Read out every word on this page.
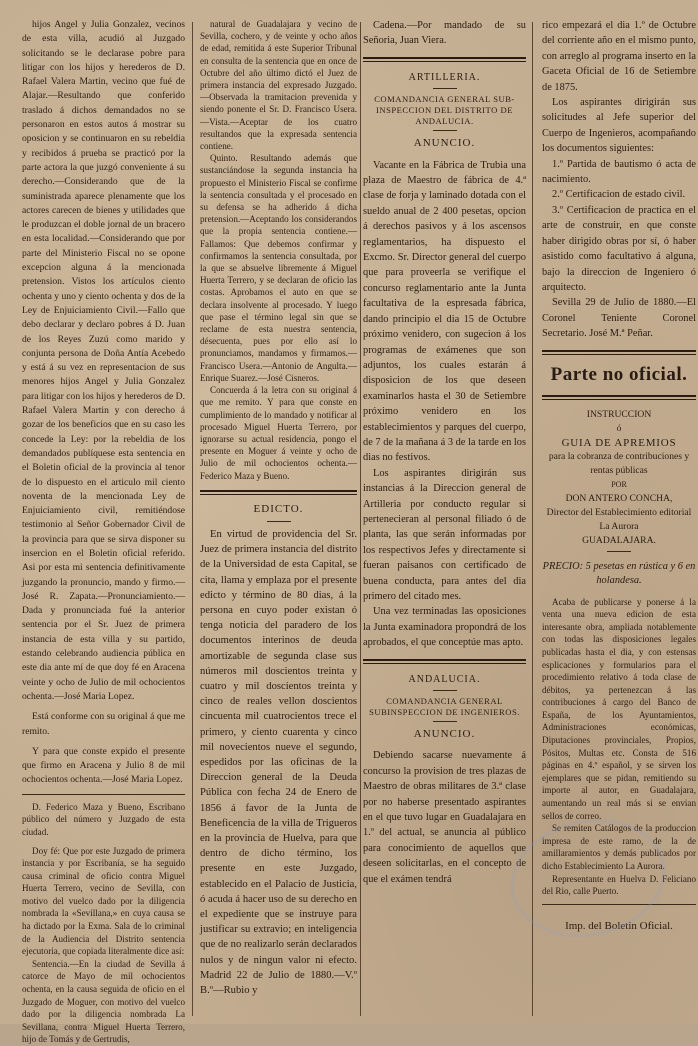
hijos Angel y Julia Gonzalez, vecinos de esta villa, acudió al Juzgado solicitando se le declarase pobre para litigar con los hijos y herederos de D. Rafael Valera Martin, vecino que fué de Alajar.—Resultando que conferido traslado á dichos demandados no se personaron en estos autos á mostrar su oposicion y se continuaron en su rebeldia y recibidos á prueba se practicó por la parte actora la que juzgó conveniente á su derecho.—Considerando que de la suministrada aparece plenamente que los actores carecen de bienes y utilidades que le produzcan el doble jornal de un bracero en esta localidad.—Considerando que por parte del Ministerio Fiscal no se opone excepcion alguna á la mencionada pretension. Vistos los artículos ciento ochenta y uno y ciento ochenta y dos de la Ley de Enjuiciamiento Civil.—Fallo que debo declarar y declaro pobres á D. Juan de los Reyes Zuzú como marido y conjunta persona de Doña Antía Acebedo y está á su vez en representacion de sus menores hijos Angel y Julia Gonzalez para litigar con los hijos y herederos de D. Rafael Valera Martin y con derecho á gozar de los beneficios que en su caso les concede la Ley: por la rebeldia de los demandados publíquese esta sentencia en el Boletin oficial de la provincia al tenor de lo dispuesto en el articulo mil ciento noventa de la mencionada Ley de Enjuiciamiento civil, remitiéndose testimonio al Señor Gobernador Civil de la provincia para que se sirva disponer su insercion en el Boletin oficial referido. Asi por esta mi sentencia definitivamente juzgando la pronuncio, mando y firmo.—José R. Zapata.—Pronunciamiento.—Dada y pronunciada fué la anterior sentencia por el Sr. Juez de primera instancia de esta villa y su partido, estando celebrando audiencia pública en este dia ante mí de que doy fé en Aracena veinte y ocho de Julio de mil ochocientos ochenta.—José Maria Lopez.

Está conforme con su original á que me remito.

Y para que conste expido el presente que firmo en Aracena y Julio 8 de mil ochocientos ochenta.—José Maria Lopez.

D. Federico Maza y Bueno, Escribano público del número y Juzgado de esta ciudad.

Doy fé: Que por este Juzgado de primera instancia y por Escribanía, se ha seguido causa criminal de oficio contra Miguel Huerta Terrero, vecino de Sevilla, con motivo del vuelco dado por la diligencia nombrada la «Sevillana,» en cuya causa se ha dictado por la Exma. Sala de lo criminal de la Audiencia del Distrito sentencia ejecutoria, que copiada literalmente dice así:

Sentencia.—En la ciudad de Sevilla á catorce de Mayo de mil ochocientos ochenta, en la causa seguida de oficio en el Juzgado de Moguer, con motivo del vuelco dado por la diligencia nombrada La Sevillana, contra Miguel Huerta Terrero, hijo de Tomás y de Gertrudis,

natural de Guadalajara y vecino de Sevilla, cochero, y de veinte y ocho años de edad, remitida á este Superior Tribunal en consulta de la sentencia que en once de Octubre del año último dictó el Juez de primera instancia del expresado Juzgado.—Observada la tramitacion prevenida y siendo ponente el Sr. D. Francisco Usera.—Vista.—Aceptar de los cuatro resultandos que la expresada sentencia contiene.

Quinto. Resultando además que sustanciándose la segunda instancia ha propuesto el Ministerio Fiscal se confirme la sentencia consultada y el procesado en su defensa se ha adherido á dicha pretension.—Aceptando los considerandos que la propia sentencia contiene.—Fallamos: Que debemos confirmar y confirmamos la sentencia consultada, por la que se absuelve libremente á Miguel Huerta Terrero, y se declaran de oficio las costas. Aprobamos el auto en que se declara insolvente al procesado. Y luego que pase el término legal sin que se reclame de esta nuestra sentencia, désecuenta, pues por ello así lo pronunciamos, mandamos y firmamos.—Francisco Usera.—Antonio de Angulta.—Enrique Suarez.—José Cisneros.

Concuerda á la letra con su original á que me remito. Y para que conste en cumplimiento de lo mandado y notificar al procesado Miguel Huerta Terrero, por ignorarse su actual residencia, pongo el presente en Moguer á veinte y ocho de Julio de mil ochocientos ochenta.—Federico Maza y Bueno.

EDICTO.

En virtud de providencia del Sr. Juez de primera instancia del distrito de la Universidad de esta Capital, se cita, llama y emplaza por el presente edicto y término de 80 dias, á la persona en cuyo poder existan ó tenga noticia del paradero de los documentos interinos de deuda amortizable de segunda clase sus números mil doscientos treinta y cuatro y mil doscientos treinta y cinco de reales vellon doscientos cincuenta mil cuatrocientos trece el primero, y ciento cuarenta y cinco mil novecientos nueve el segundo, espedidos por las oficinas de la Direccion general de la Deuda Pública con fecha 24 de Enero de 1856 á favor de la Junta de Beneficencia de la villa de Trigueros en la provincia de Huelva, para que dentro de dicho término, los presente en este Juzgado, establecido en el Palacio de Justicia, ó acuda á hacer uso de su derecho en el expediente que se instruye para justificar su extravio; en inteligencia que de no realizarlo serán declarados nulos y de ningun valor ni efecto. Madrid 22 de Julio de 1880.—V.º B.º—Rubio y

Cadena.—Por mandado de su Señoria, Juan Viera.

ARTILLERIA.

COMANDANCIA GENERAL SUB-INSPECCION DEL DISTRITO DE ANDALUCIA.

ANUNCIO.

Vacante en la Fábrica de Trubia una plaza de Maestro de fábrica de 4.ª clase de forja y laminado dotada con el sueldo anual de 2 400 pesetas, opcion á derechos pasivos y á los ascensos reglamentarios, ha dispuesto el Excmo. Sr. Director general del cuerpo que para proveerla se verifique el concurso reglamentario ante la Junta facultativa de la espresada fábrica, dando principio el dia 15 de Octubre próximo venidero, con sugecion á los programas de exámenes que son adjuntos, los cuales estarán á disposicion de los que deseen examinarlos hasta el 30 de Setiembre próximo venidero en los establecimientos y parques del cuerpo, de 7 de la mañana á 3 de la tarde en los dias no festivos.

Los aspirantes dirigirán sus instancias á la Direccion general de Artilleria por conducto regular si pertenecieran al personal filiado ó de planta, las que serán informadas por los respectivos Jefes y directamente si fueran paisanos con certificado de buena conducta, para antes del dia primero del citado mes.

Una vez terminadas las oposiciones la Junta examinadora propondrá de los aprobados, el que conceptúe mas apto.

ANDALUCIA.

COMANDANCIA GENERAL SUBINSPECCION DE INGENIEROS.

ANUNCIO.

Debiendo sacarse nuevamente á concurso la provision de tres plazas de Maestro de obras militares de 3.ª clase por no haberse presentado aspirantes en el que tuvo lugar en Guadalajara en 1.º del actual, se anuncia al público para conocimiento de aquellos que deseen solicitarlas, en el concepto de que el exámen tendrá

rico empezará el dia 1.º de Octubre del corriente año en el mismo punto, con arreglo al programa inserto en la Gaceta Oficial de 16 de Setiembre de 1875.

Los aspirantes dirigirán sus solicitudes al Jefe superior del Cuerpo de Ingenieros, acompañando los documentos siguientes:

1.º Partida de bautismo ó acta de nacimiento.

2.º Certificacion de estado civil.

3.º Certificacion de practica en el arte de construir, en que conste haber dirigido obras por sí, ó haber asistido como facultativo á alguna, bajo la direccion de Ingeniero ó arquitecto.

Sevilla 29 de Julio de 1880.—El Coronel Teniente Coronel Secretario. José M.ª Peñar.

Parte no oficial.

INSTRUCCION

ó

GUIA DE APREMIOS

para la cobranza de contribuciones y rentas públicas

POR

DON ANTERO CONCHA,

Director del Establecimiento editorial La Aurora

GUADALAJARA.

PRECIO: 5 pesetas en rústica y 6 en holandesa.

Acaba de publicarse y ponerse á la venta una nueva edicion de esta interesante obra, ampliada notablemente con todas las disposiciones legales publicadas hasta el dia, y con estensas esplicaciones y formularios para el procedimiento relativo á toda clase de débitos, ya pertenezcan á las contribuciones á cargo del Banco de España, de los Ayuntamientos, Administraciones económicas, Diputaciones provinciales, Propios, Pósitos, Multas etc. Consta de 516 páginas en 4.º español, y se sirven los ejemplares que se pidan, remitiendo su importe al autor, en Guadalajara, aumentando un real más si se envian sellos de correo.

Se remiten Catálogos de la produccion impresa de este ramo, de la de amillaramientos y demás publicados por dicho Establecimiento La Aurora.

Representante en Huelva D. Feliciano del Rio, calle Puerto.

Imp. del Boletin Oficial.
